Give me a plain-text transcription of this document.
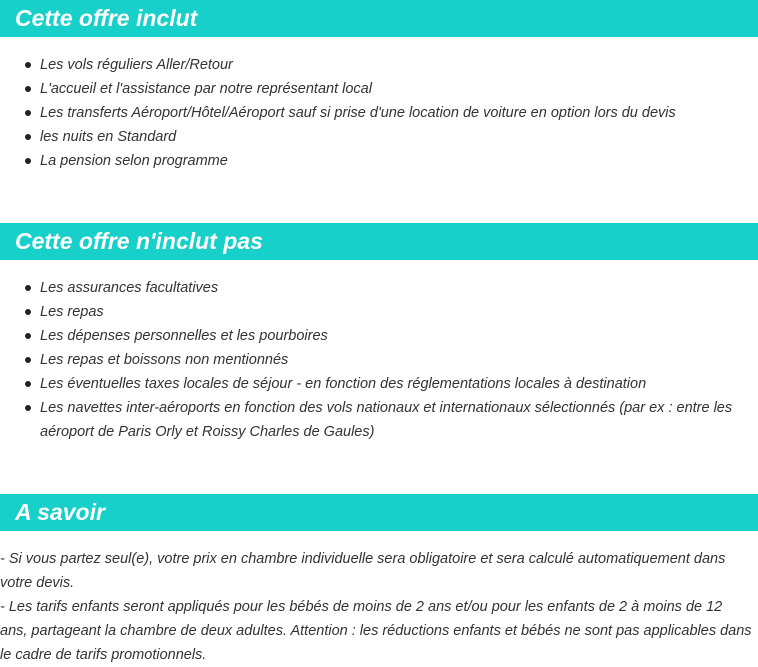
Cette offre inclut
Les vols réguliers Aller/Retour
L'accueil et l'assistance par notre représentant local
Les transferts Aéroport/Hôtel/Aéroport sauf si prise d'une location de voiture en option lors du devis
les nuits en Standard
La pension selon programme
Cette offre n'inclut pas
Les assurances facultatives
Les repas
Les dépenses personnelles et les pourboires
Les repas et boissons non mentionnés
Les éventuelles taxes locales de séjour - en fonction des réglementations locales à destination
Les navettes inter-aéroports en fonction des vols nationaux et internationaux sélectionnés (par ex : entre les aéroport de Paris Orly et Roissy Charles de Gaules)
A savoir

- Si vous partez seul(e), votre prix en chambre individuelle sera obligatoire et sera calculé automatiquement dans votre devis.

- Les tarifs enfants seront appliqués pour les bébés de moins de 2 ans et/ou pour les enfants de 2 à moins de 12 ans, partageant la chambre de deux adultes. Attention : les réductions enfants et bébés ne sont pas applicables dans le cadre de tarifs promotionnels.
